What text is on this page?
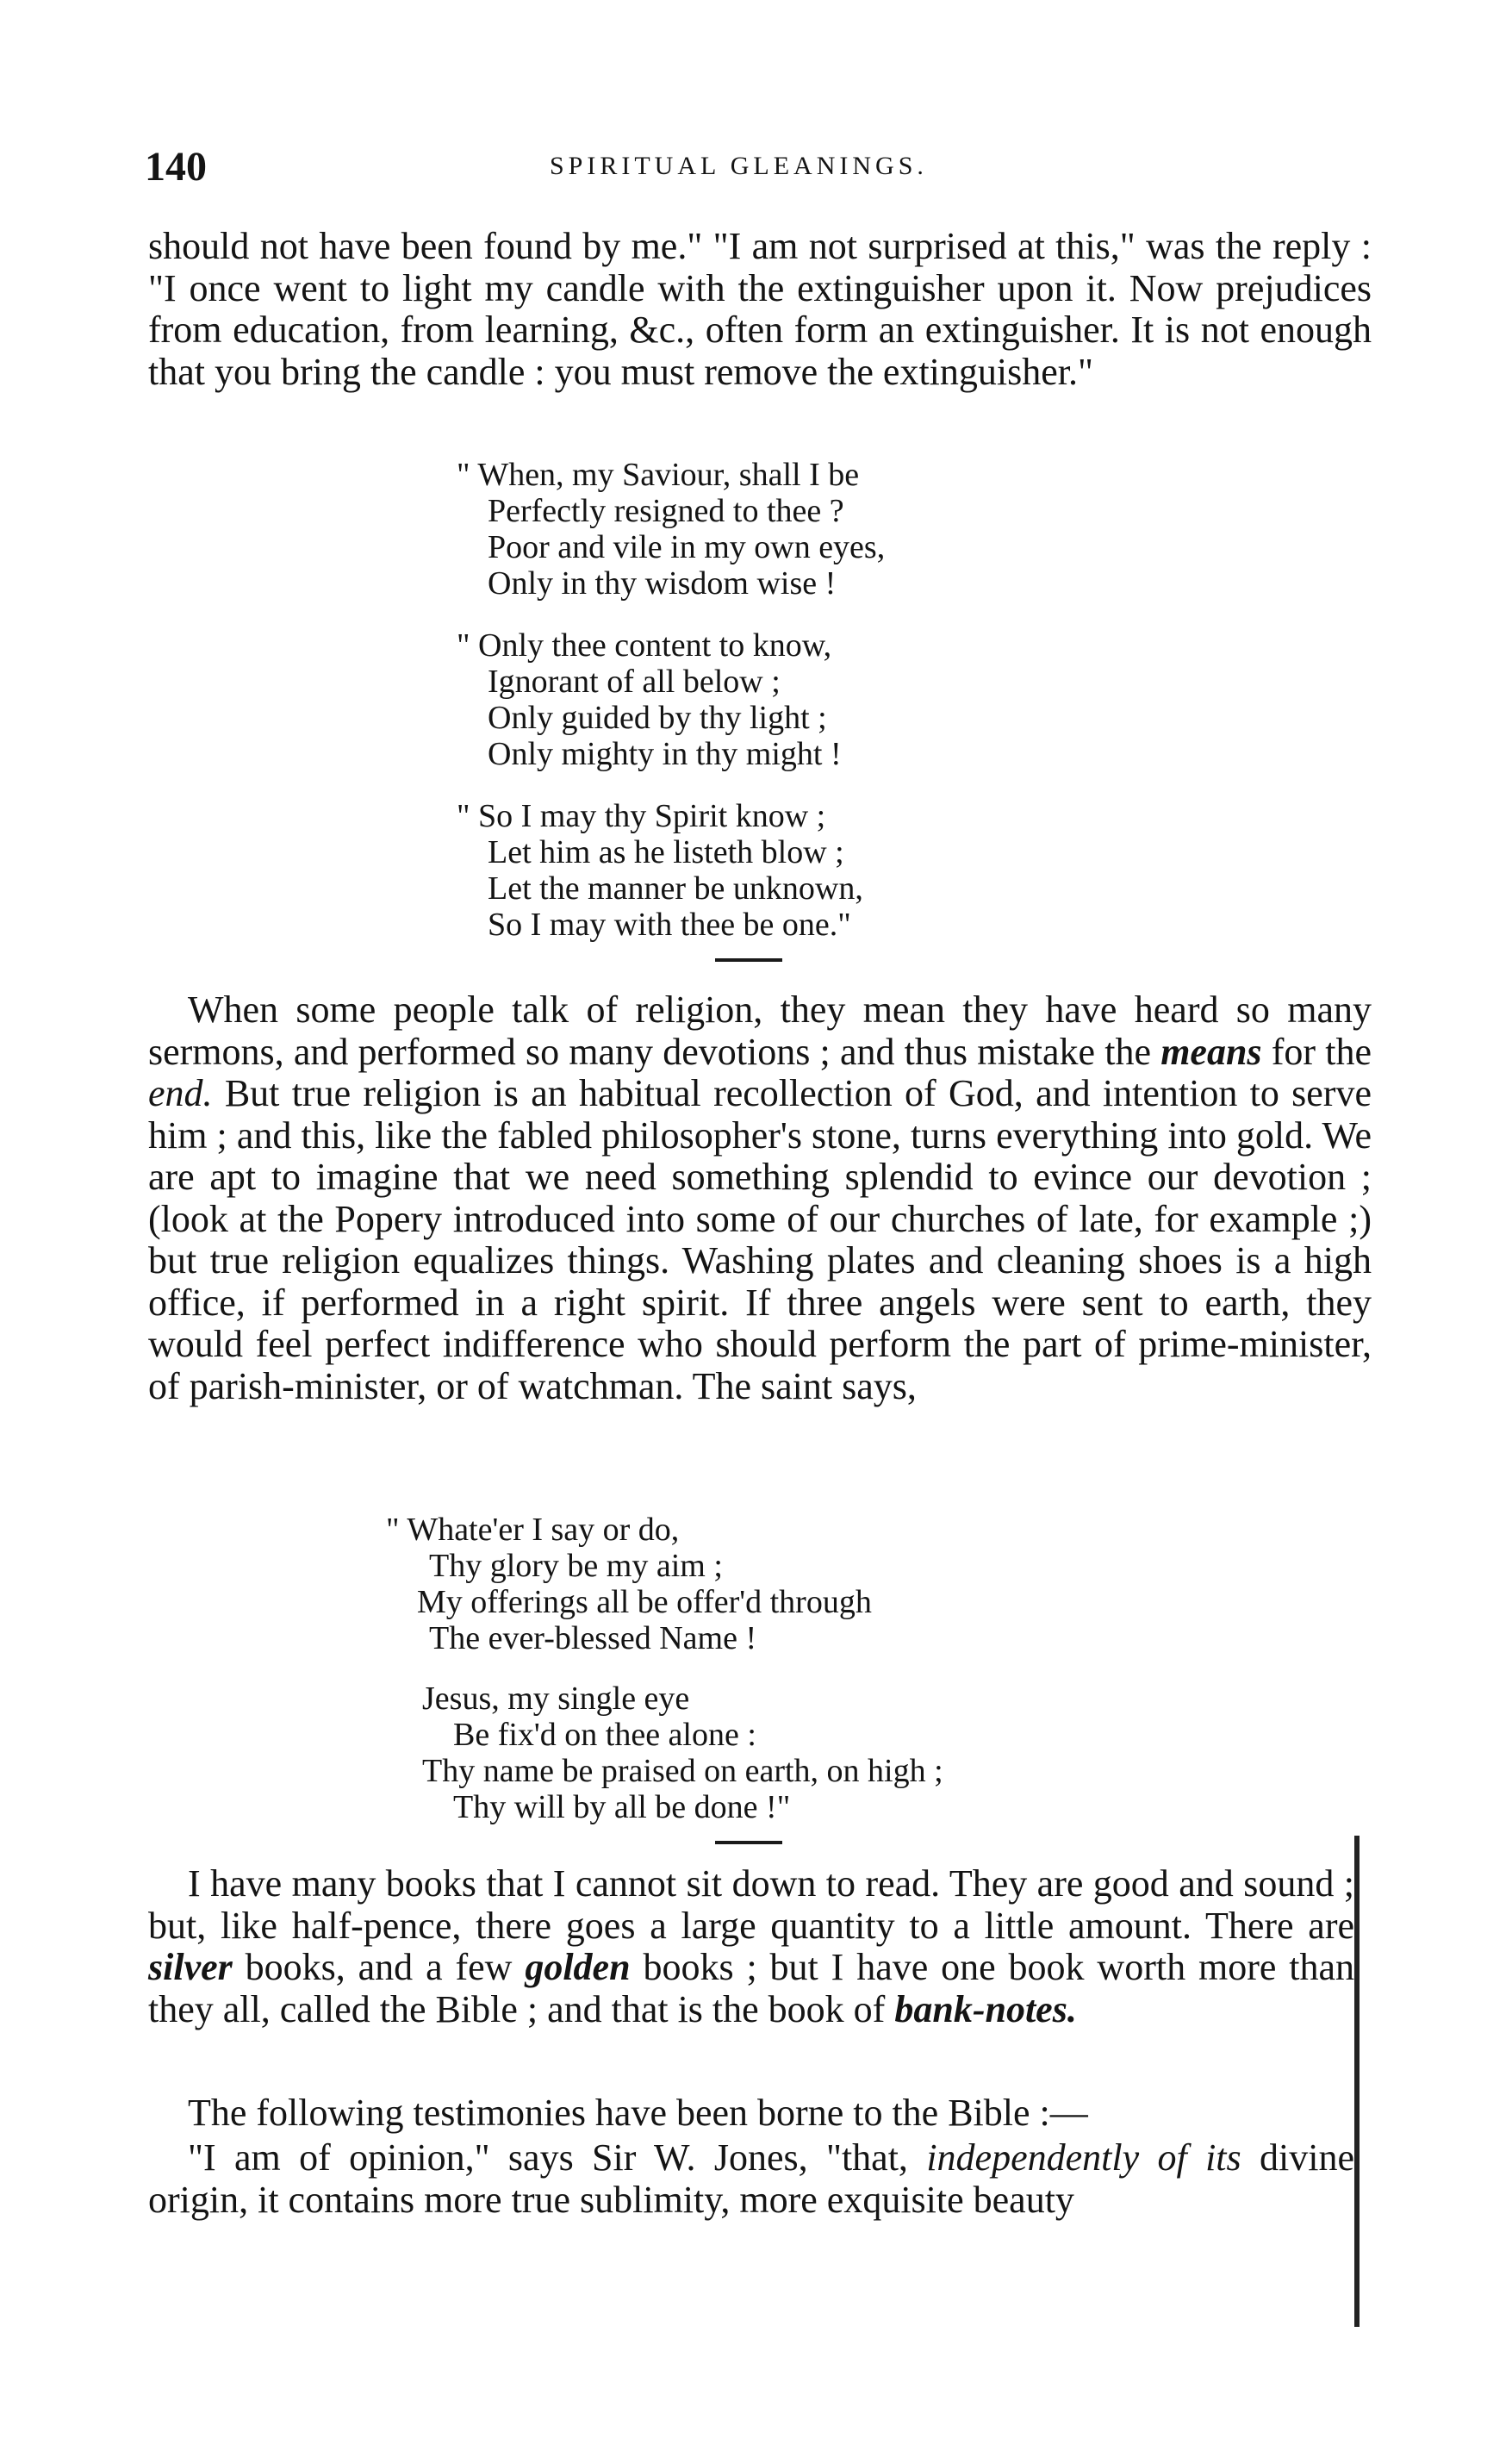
140	SPIRITUAL GLEANINGS.

should not have been found by me." "I am not surprised at this," was the reply : "I once went to light my candle with the extinguisher upon it. Now prejudices from education, from learning, &c., often form an extinguisher. It is not enough that you bring the candle : you must remove the extinguisher."

" When, my Saviour, shall I be
Perfectly resigned to thee ?
Poor and vile in my own eyes,
Only in thy wisdom wise !
" Only thee content to know,
Ignorant of all below ;
Only guided by thy light ;
Only mighty in thy might !
" So I may thy Spirit know ;
Let him as he listeth blow ;
Let the manner be unknown,
So I may with thee be one."

When some people talk of religion, they mean they have heard so many sermons, and performed so many devotions ; and thus mistake the means for the end. But true religion is an habitual recollection of God, and intention to serve him ; and this, like the fabled philosopher's stone, turns everything into gold. We are apt to imagine that we need something splendid to evince our devotion ; (look at the Popery introduced into some of our churches of late, for example ;) but true religion equalizes things. Washing plates and cleaning shoes is a high office, if performed in a right spirit. If three angels were sent to earth, they would feel perfect indifference who should perform the part of prime-minister, of parish-minister, or of watchman. The saint says,

" Whate'er I say or do,
Thy glory be my aim ;
My offerings all be offer'd through
The ever-blessed Name !
Jesus, my single eye
Be fix'd on thee alone :
Thy name be praised on earth, on high ;
Thy will by all be done !"

I have many books that I cannot sit down to read. They are good and sound ; but, like half-pence, there goes a large quantity to a little amount. There are silver books, and a few golden books ; but I have one book worth more than they all, called the Bible ; and that is the book of bank-notes.

The following testimonies have been borne to the Bible :—

"I am of opinion," says Sir W. Jones, "that, independently of its divine origin, it contains more true sublimity, more exquisite beauty
